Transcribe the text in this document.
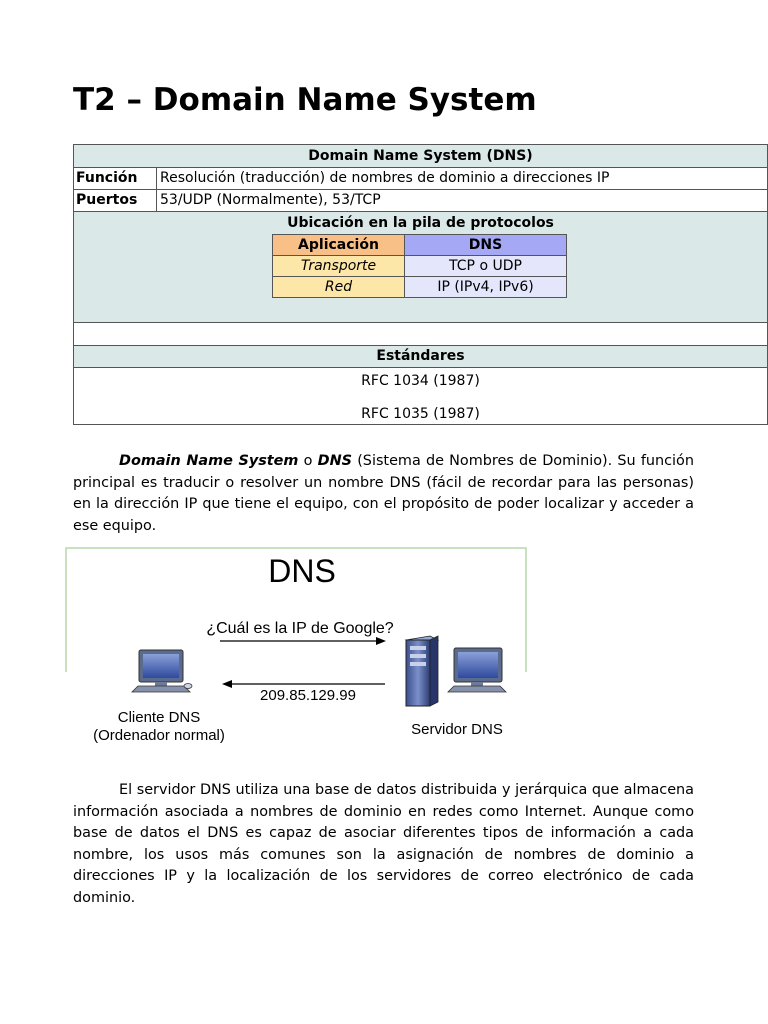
T2 – Domain Name System
Domain Name System (DNS)
Función	Resolución (traducción) de nombres de dominio a direcciones IP
Puertos	53/UDP (Normalmente), 53/TCP
Ubicación en la pila de protocolos
Aplicación	DNS
Transporte	TCP o UDP
Red	IP (IPv4, IPv6)
Estándares
RFC 1034 (1987)
RFC 1035 (1987)

Domain Name System o DNS (Sistema de Nombres de Dominio). Su función principal es traducir o resolver un nombre DNS (fácil de recordar para las personas) en la dirección IP que tiene el equipo, con el propósito de poder localizar y acceder a ese equipo.

DNS
¿Cuál es la IP de Google?
209.85.129.99
Cliente DNS
(Ordenador normal)	Servidor DNS

El servidor DNS utiliza una base de datos distribuida y jerárquica que almacena información asociada a nombres de dominio en redes como Internet. Aunque como base de datos el DNS es capaz de asociar diferentes tipos de información a cada nombre, los usos más comunes son la asignación de nombres de dominio a direcciones IP y la localización de los servidores de correo electrónico de cada dominio.
